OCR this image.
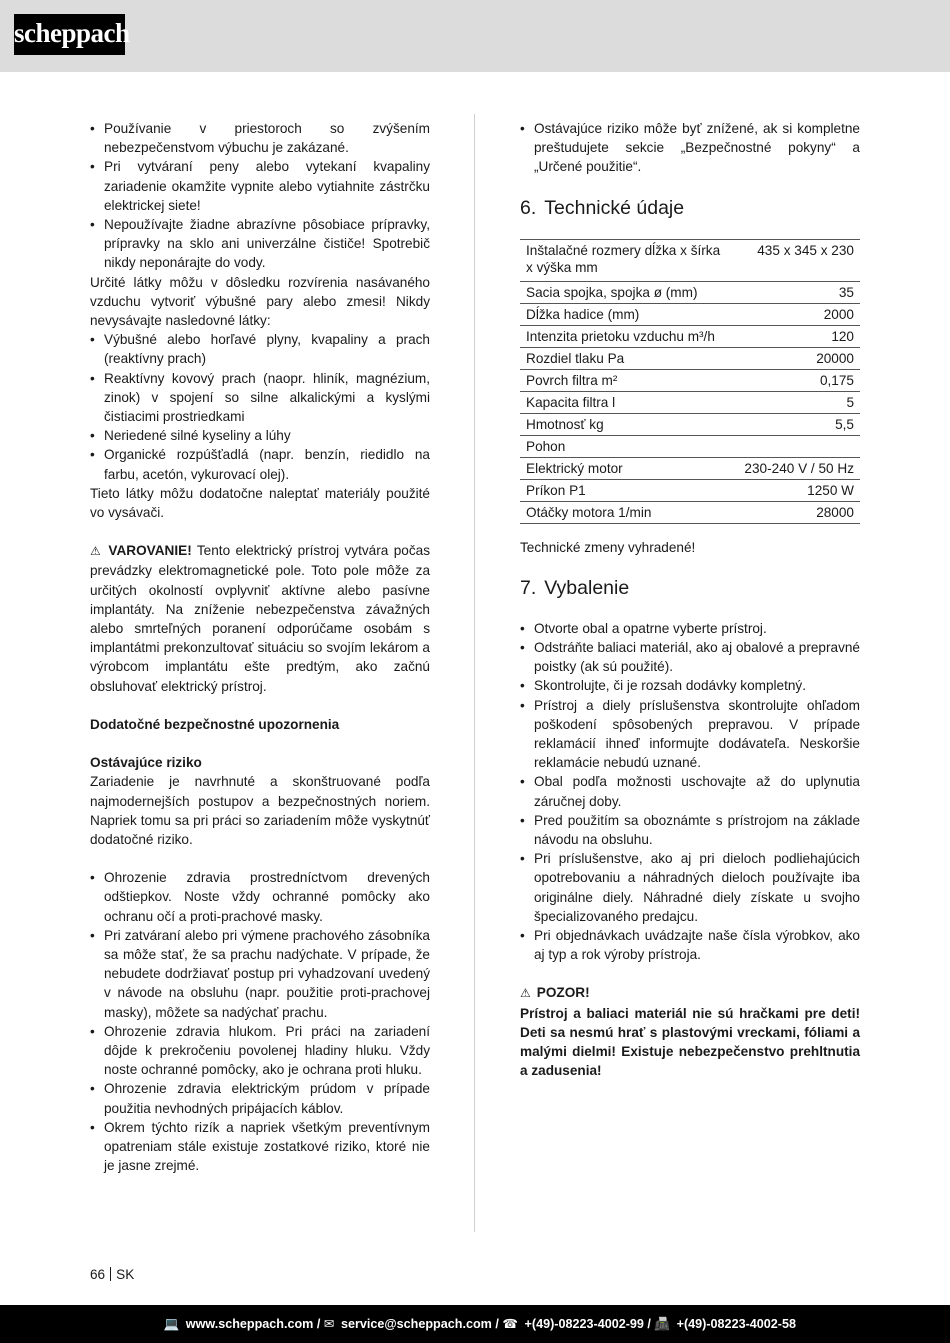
scheppach
• Používanie v priestoroch so zvýšením nebezpečenstvom výbuchu je zakázané.
• Pri vytváraní peny alebo vytekaní kvapaliny zariadenie okamžite vypnite alebo vytiahnite zástrčku elektrickej siete!
• Nepoužívajte žiadne abrazívne pôsobiace prípravky, prípravky na sklo ani univerzálne čističe! Spotrebič nikdy neponárajte do vody.

Určité látky môžu v dôsledku rozvírenia nasávaného vzduchu vytvoriť výbušné pary alebo zmesi! Nikdy nevysávajte nasledovné látky:

• Výbušné alebo horľavé plyny, kvapaliny a prach (reaktívny prach)
• Reaktívny kovový prach (naopr. hliník, magnézium, zinok) v spojení so silne alkalickými a kyslými čistiacimi prostriedkami
• Neriedené silné kyseliny a lúhy
• Organické rozpúšťadlá (napr. benzín, riedidlo na farbu, acetón, vykurovací olej).

Tieto látky môžu dodatočne naleptať materiály použité vo vysávači.

⚠ VAROVANIE! Tento elektrický prístroj vytvára počas prevádzky elektromagnetické pole. Toto pole môže za určitých okolností ovplyvniť aktívne alebo pasívne implantáty. Na zníženie nebezpečenstva závažných alebo smrteľných poranení odporúčame osobám s implantátmi prekonzultovať situáciu so svojím lekárom a výrobcom implantátu ešte predtým, ako začnú obsluhovať elektrický prístroj.

Dodatočné bezpečnostné upozornenia

Ostávajúce riziko

Zariadenie je navrhnuté a skonštruované podľa najmodernejších postupov a bezpečnostných noriem. Napriek tomu sa pri práci so zariadením môže vyskytnúť dodatočné riziko.

• Ohrozenie zdravia prostredníctvom drevených odštiepkov. Noste vždy ochranné pomôcky ako ochranu očí a proti-prachové masky.
• Pri zatváraní alebo pri výmene prachového zásobníka sa môže stať, že sa prachu nadýchate. V prípade, že nebudete dodržiavať postup pri vyhadzovaní uvedený v návode na obsluhu (napr. použitie proti-prachovej masky), môžete sa nadýchať prachu.
• Ohrozenie zdravia hlukom. Pri práci na zariadení dôjde k prekročeniu povolenej hladiny hluku. Vždy noste ochranné pomôcky, ako je ochrana proti hluku.
• Ohrozenie zdravia elektrickým prúdom v prípade použitia nevhodných pripájacích káblov.
• Okrem týchto rizík a napriek všetkým preventívnym opatreniam stále existuje zostatkové riziko, ktoré nie je jasne zrejmé.
• Ostávajúce riziko môže byť znížené, ak si kompletne preštudujete sekcie „Bezpečnostné pokyny“ a „Určené použitie“.
6. Technické údaje
Inštalačné rozmery dĺžka x šírka x výška mm	435 x 345 x 230
Sacia spojka, spojka ø (mm)	35
Dĺžka hadice (mm)	2000
Intenzita prietoku vzduchu m³/h	120
Rozdiel tlaku Pa	20000
Povrch filtra m²	0,175
Kapacita filtra l	5
Hmotnosť kg	5,5
Pohon	
Elektrický motor	230-240 V / 50 Hz
Príkon P1	1250 W
Otáčky motora 1/min	28000

Technické zmeny vyhradené!

7. Vybalenie
• Otvorte obal a opatrne vyberte prístroj.
• Odstráňte baliaci materiál, ako aj obalové a prepravné poistky (ak sú použité).
• Skontrolujte, či je rozsah dodávky kompletný.
• Prístroj a diely príslušenstva skontrolujte ohľadom poškodení spôsobených prepravou. V prípade reklamácií ihneď informujte dodávateľa. Neskoršie reklamácie nebudú uznané.
• Obal podľa možnosti uschovajte až do uplynutia záručnej doby.
• Pred použitím sa oboznámte s prístrojom na základe návodu na obsluhu.
• Pri príslušenstve, ako aj pri dieloch podliehajúcich opotrebovaniu a náhradných dieloch používajte iba originálne diely. Náhradné diely získate u svojho špecializovaného predajcu.
• Pri objednávkach uvádzajte naše čísla výrobkov, ako aj typ a rok výroby prístroja.

⚠ POZOR!

Prístroj a baliaci materiál nie sú hračkami pre deti! Deti sa nesmú hrať s plastovými vreckami, fóliami a malými dielmi! Existuje nebezpečenstvo prehltnutia a zadusenia!

66 SK
💻 www.scheppach.com / ✉ service@scheppach.com / ☎ +(49)-08223-4002-99 / 📠 +(49)-08223-4002-58
